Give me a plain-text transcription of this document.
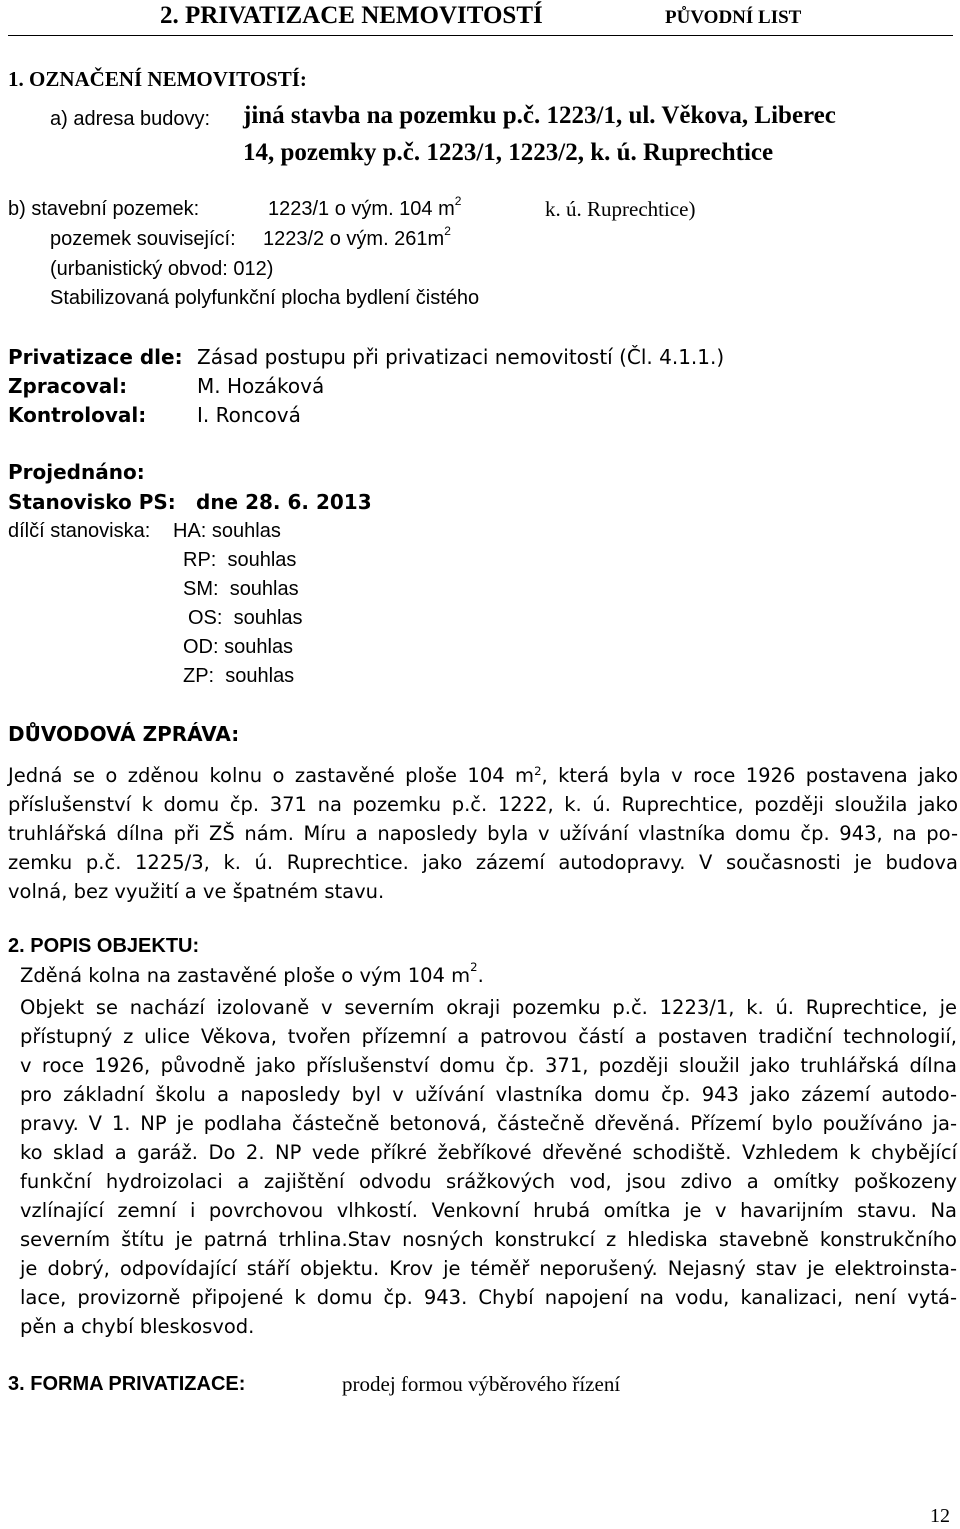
2. PRIVATIZACE NEMOVITOSTÍ	PŮVODNÍ LIST
1. OZNAČENÍ NEMOVITOSTÍ:
a) adresa budovy: jiná stavba na pozemku p.č. 1223/1, ul. Věkova, Liberec
14, pozemky p.č. 1223/1, 1223/2, k. ú. Ruprechtice
b) stavební pozemek:	1223/1 o vým. 104 $m^2$	k. ú. Ruprechtice)
pozemek související: 1223/2 o vým. $261m^2$
(urbanistický obvod: 012)
Stabilizovaná polyfunkční plocha bydlení čistého
Privatizace dle: Zásad postupu při privatizaci nemovitostí (Čl. 4.1.1.)
Zpracoval:	M. Hozáková
Kontroloval:	I. Roncová
Projednáno:
Stanovisko PS: dne 28. 6. 2013
dílčí stanoviska: HA: souhlas
RP: souhlas
SM: souhlas
OS: souhlas
OD: souhlas
ZP: souhlas
DŮVODOVÁ ZPRÁVA:
Jedná se o zděnou kolnu o zastavěné ploše 104 $m^2$, která byla v roce 1926 postavena jako
příslušenství k domu čp. 371 na pozemku p.č. 1222, k. ú. Ruprechtice, později sloužila jako
truhlářská dílna při ZŠ nám. Míru a naposledy byla v užívání vlastníka domu čp. 943, na po-
zemku p.č. 1225/3, k. ú. Ruprechtice. jako zázemí autodopravy. V současnosti je budova
volná, bez využití a ve špatném stavu.
2. POPIS OBJEKTU:
Zděná kolna na zastavěné ploše o vým 104 $m^2$.
Objekt se nachází izolovaně v severním okraji pozemku p.č. 1223/1, k. ú. Ruprechtice, je
přístupný z ulice Věkova, tvořen přízemní a patrovou částí a postaven tradiční technologií,
v roce 1926, původně jako příslušenství domu čp. 371, později sloužil jako truhlářská dílna
pro základní školu a naposledy byl v užívání vlastníka domu čp. 943 jako zázemí autodo-
pravy. V 1. NP je podlaha částečně betonová, částečně dřevěná. Přízemí bylo používáno ja-
ko sklad a garáž. Do 2. NP vede příkré žebříkové dřevěné schodiště. Vzhledem k chybějící
funkční hydroizolaci a zajištění odvodu srážkových vod, jsou zdivo a omítky poškozeny
vzlínající zemní i povrchovou vlhkostí. Venkovní hrubá omítka je v havarijním stavu. Na
severním štítu je patrná trhlina.Stav nosných konstrukcí z hlediska stavebně konstrukčního
je dobrý, odpovídající stáří objektu. Krov je téměř neporušený. Nejasný stav je elektroinsta-
lace, provizorně připojené k domu čp. 943. Chybí napojení na vodu, kanalizaci, není vytá-
pěn a chybí bleskosvod.
3. FORMA PRIVATIZACE:	prodej formou výběrového řízení
12
